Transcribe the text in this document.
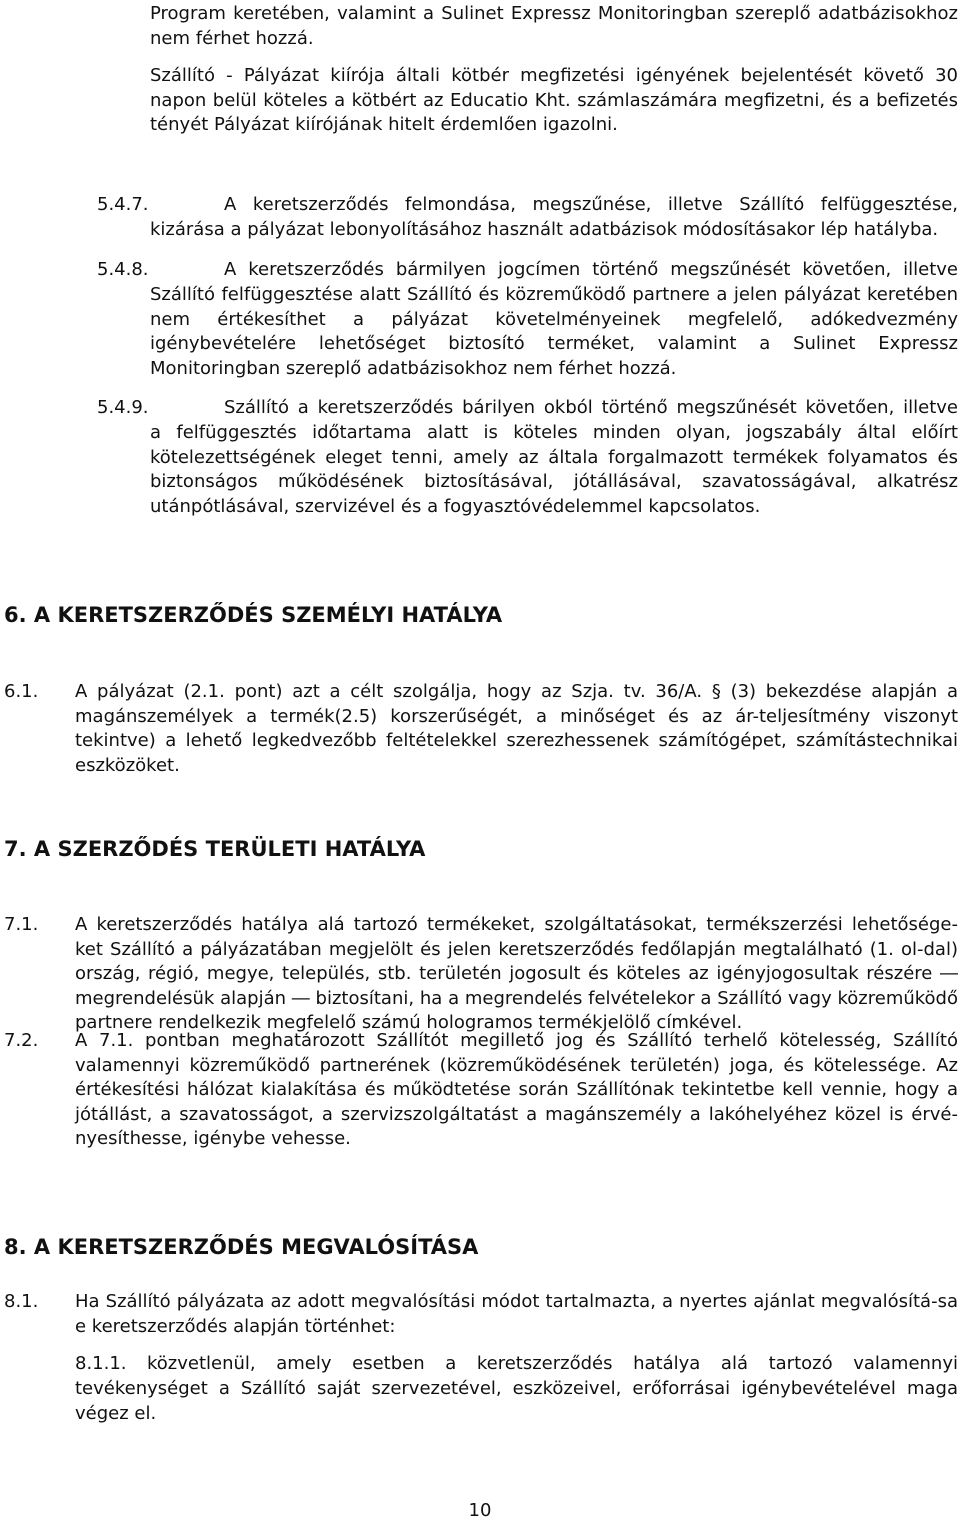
Program keretében, valamint a Sulinet Expressz Monitoringban szereplő adatbázisokhoz nem férhet hozzá.
Szállító - Pályázat kiírója általi kötbér megfizetési igényének bejelentését követő 30 napon belül köteles a kötbért az Educatio Kht. számlaszámára megfizetni, és a befizetés tényét Pályázat kiírójának hitelt érdemlően igazolni.
5.4.7.	A keretszerződés felmondása, megszűnése, illetve Szállító felfüggesztése,
kizárása a pályázat lebonyolításához használt adatbázisok módosításakor lép hatályba.
5.4.8.	A keretszerződés bármilyen jogcímen történő megszűnését követően, illetve
Szállító felfüggesztése alatt Szállító és közreműködő partnere a jelen pályázat keretében nem értékesíthet a pályázat követelményeinek megfelelő, adókedvezmény igénybevételére lehetőséget biztosító terméket, valamint a Sulinet Expressz Monitoringban szereplő adatbázisokhoz nem férhet hozzá.
5.4.9.	Szállító a keretszerződés bárilyen okból történő megszűnését követően, illetve
a felfüggesztés időtartama alatt is köteles minden olyan, jogszabály által előírt kötelezettségének eleget tenni, amely az általa forgalmazott termékek folyamatos és biztonságos működésének biztosításával, jótállásával, szavatosságával, alkatrész utánpótlásával, szervizével és a fogyasztóvédelemmel kapcsolatos.
6. A KERETSZERZŐDÉS SZEMÉLYI HATÁLYA
6.1. A pályázat (2.1. pont) azt a célt szolgálja, hogy az Szja. tv. 36/A. § (3) bekezdése alapján a magánszemélyek a termék(2.5) korszerűségét, a minőséget és az ár-teljesítmény viszonyt tekintve) a lehető legkedvezőbb feltételekkel szerezhessenek számítógépet, számítástechnikai eszközöket.
7. A SZERZŐDÉS TERÜLETI HATÁLYA
7.1. A keretszerződés hatálya alá tartozó termékeket, szolgáltatásokat, termékszerzési lehetősége-ket Szállító a pályázatában megjelölt és jelen keretszerződés fedőlapján megtalálható (1. ol-dal) ország, régió, megye, település, stb. területén jogosult és köteles az igényjogosultak részére ― megrendelésük alapján ― biztosítani, ha a megrendelés felvételekor a Szállító vagy közreműködő partnere rendelkezik megfelelő számú hologramos termékjelölő címkével.
7.2. A 7.1. pontban meghatározott Szállítót megillető jog és Szállító terhelő kötelesség, Szállító valamennyi közreműködő partnerének (közreműködésének területén) joga, és kötelessége. Az értékesítési hálózat kialakítása és működtetése során Szállítónak tekintetbe kell vennie, hogy a jótállást, a szavatosságot, a szervizszolgáltatást a magánszemély a lakóhelyéhez közel is érvé-nyesíthesse, igénybe vehesse.
8. A KERETSZERZŐDÉS MEGVALÓSÍTÁSA
8.1. Ha Szállító pályázata az adott megvalósítási módot tartalmazta, a nyertes ajánlat megvalósítá-sa e keretszerződés alapján történhet:
8.1.1. közvetlenül, amely esetben a keretszerződés hatálya alá tartozó valamennyi
tevékenységet a Szállító saját szervezetével, eszközeivel, erőforrásai igénybevételével maga végez el.
10
